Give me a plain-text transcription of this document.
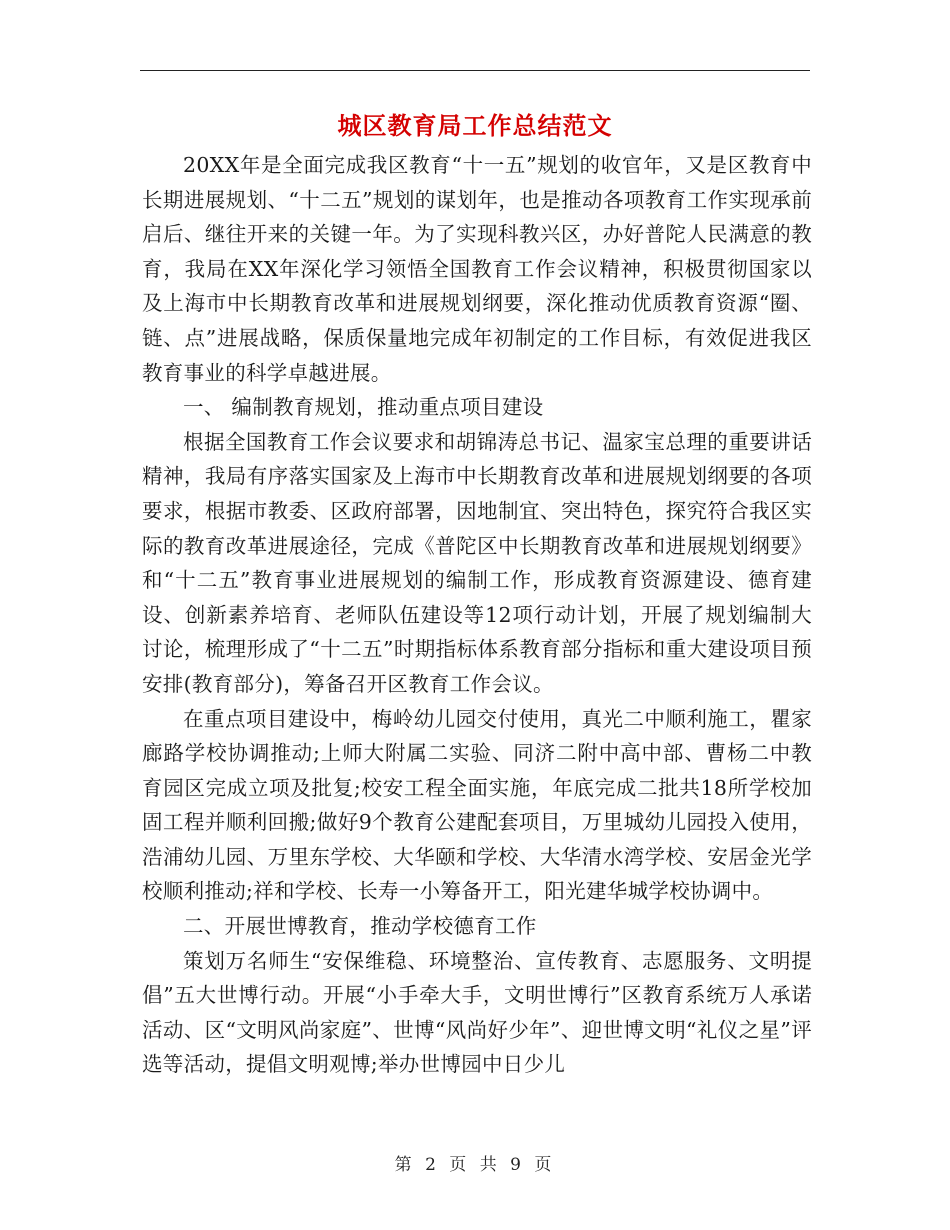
城区教育局工作总结范文

20XX年是全面完成我区教育“十一五”规划的收官年，又是区教育中长期进展规划、“十二五”规划的谋划年，也是推动各项教育工作实现承前启后、继往开来的关键一年。为了实现科教兴区，办好普陀人民满意的教育，我局在XX年深化学习领悟全国教育工作会议精神，积极贯彻国家以及上海市中长期教育改革和进展规划纲要，深化推动优质教育资源“圈、链、点”进展战略，保质保量地完成年初制定的工作目标，有效促进我区教育事业的科学卓越进展。

一、 编制教育规划，推动重点项目建设

根据全国教育工作会议要求和胡锦涛总书记、温家宝总理的重要讲话精神，我局有序落实国家及上海市中长期教育改革和进展规划纲要的各项要求，根据市教委、区政府部署，因地制宜、突出特色，探究符合我区实际的教育改革进展途径，完成《普陀区中长期教育改革和进展规划纲要》和“十二五”教育事业进展规划的编制工作，形成教育资源建设、德育建设、创新素养培育、老师队伍建设等12项行动计划，开展了规划编制大讨论，梳理形成了“十二五”时期指标体系教育部分指标和重大建设项目预安排(教育部分)，筹备召开区教育工作会议。

在重点项目建设中，梅岭幼儿园交付使用，真光二中顺利施工，瞿家廊路学校协调推动;上师大附属二实验、同济二附中高中部、曹杨二中教育园区完成立项及批复;校安工程全面实施，年底完成二批共18所学校加固工程并顺利回搬;做好9个教育公建配套项目，万里城幼儿园投入使用，浩浦幼儿园、万里东学校、大华颐和学校、大华清水湾学校、安居金光学校顺利推动;祥和学校、长寿一小筹备开工，阳光建华城学校协调中。

二、开展世博教育，推动学校德育工作

策划万名师生“安保维稳、环境整治、宣传教育、志愿服务、文明提倡”五大世博行动。开展“小手牵大手，文明世博行”区教育系统万人承诺活动、区“文明风尚家庭”、世博“风尚好少年”、迎世博文明“礼仪之星”评选等活动，提倡文明观博;举办世博园中日少儿

第 2 页 共 9 页
